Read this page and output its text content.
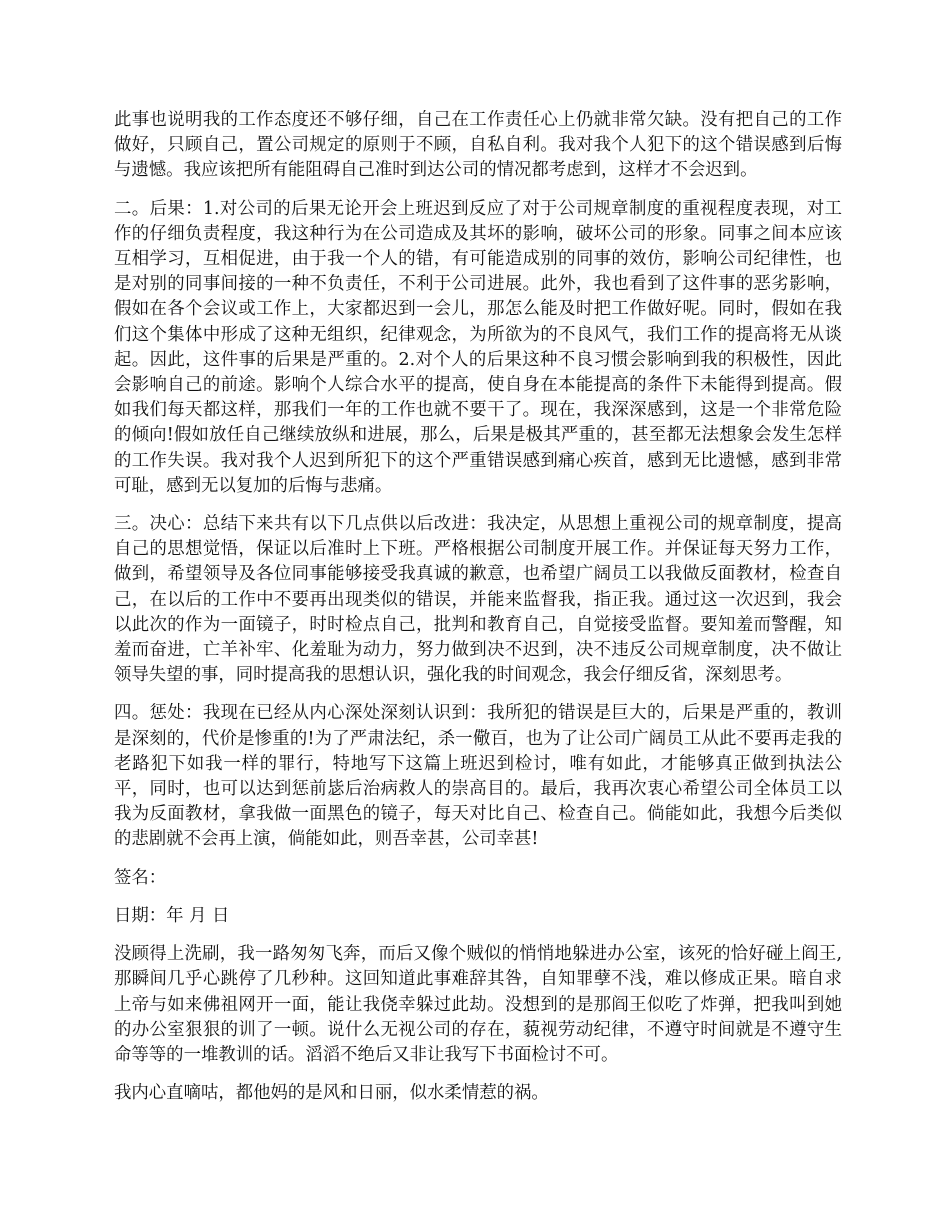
此事也说明我的工作态度还不够仔细，自己在工作责任心上仍就非常欠缺。没有把自己的工作做好，只顾自己，置公司规定的原则于不顾，自私自利。我对我个人犯下的这个错误感到后悔与遗憾。我应该把所有能阻碍自己准时到达公司的情况都考虑到，这样才不会迟到。

二。后果：1.对公司的后果无论开会上班迟到反应了对于公司规章制度的重视程度表现，对工作的仔细负责程度，我这种行为在公司造成及其坏的影响，破坏公司的形象。同事之间本应该互相学习，互相促进，由于我一个人的错，有可能造成别的同事的效仿，影响公司纪律性，也是对别的同事间接的一种不负责任，不利于公司进展。此外，我也看到了这件事的恶劣影响，假如在各个会议或工作上，大家都迟到一会儿，那怎么能及时把工作做好呢。同时，假如在我们这个集体中形成了这种无组织，纪律观念，为所欲为的不良风气，我们工作的提高将无从谈起。因此，这件事的后果是严重的。2.对个人的后果这种不良习惯会影响到我的积极性，因此会影响自己的前途。影响个人综合水平的提高，使自身在本能提高的条件下未能得到提高。假如我们每天都这样，那我们一年的工作也就不要干了。现在，我深深感到，这是一个非常危险的倾向!假如放任自己继续放纵和进展，那么，后果是极其严重的，甚至都无法想象会发生怎样的工作失误。我对我个人迟到所犯下的这个严重错误感到痛心疾首，感到无比遗憾，感到非常可耻，感到无以复加的后悔与悲痛。

三。决心：总结下来共有以下几点供以后改进：我决定，从思想上重视公司的规章制度，提高自己的思想觉悟，保证以后准时上下班。严格根据公司制度开展工作。并保证每天努力工作，做到，希望领导及各位同事能够接受我真诚的歉意，也希望广阔员工以我做反面教材，检查自己，在以后的工作中不要再出现类似的错误，并能来监督我，指正我。通过这一次迟到，我会以此次的作为一面镜子，时时检点自己，批判和教育自己，自觉接受监督。要知羞而警醒，知羞而奋进，亡羊补牢、化羞耻为动力，努力做到决不迟到，决不违反公司规章制度，决不做让领导失望的事，同时提高我的思想认识，强化我的时间观念，我会仔细反省，深刻思考。

四。惩处：我现在已经从内心深处深刻认识到：我所犯的错误是巨大的，后果是严重的，教训是深刻的，代价是惨重的!为了严肃法纪，杀一儆百，也为了让公司广阔员工从此不要再走我的老路犯下如我一样的罪行，特地写下这篇上班迟到检讨，唯有如此，才能够真正做到执法公平，同时，也可以达到惩前毖后治病救人的崇高目的。最后，我再次衷心希望公司全体员工以我为反面教材，拿我做一面黑色的镜子，每天对比自己、检查自己。倘能如此，我想今后类似的悲剧就不会再上演，倘能如此，则吾幸甚，公司幸甚!

签名：

日期：年 月 日

没顾得上洗刷，我一路匆匆飞奔，而后又像个贼似的悄悄地躲进办公室，该死的恰好碰上阎王,那瞬间几乎心跳停了几秒种。这回知道此事难辞其咎，自知罪孽不浅，难以修成正果。暗自求上帝与如来佛祖网开一面，能让我侥幸躲过此劫。没想到的是那阎王似吃了炸弹，把我叫到她的办公室狠狠的训了一顿。说什么无视公司的存在，藐视劳动纪律，不遵守时间就是不遵守生命等等的一堆教训的话。滔滔不绝后又非让我写下书面检讨不可。

我内心直嘀咕，都他妈的是风和日丽，似水柔情惹的祸。
